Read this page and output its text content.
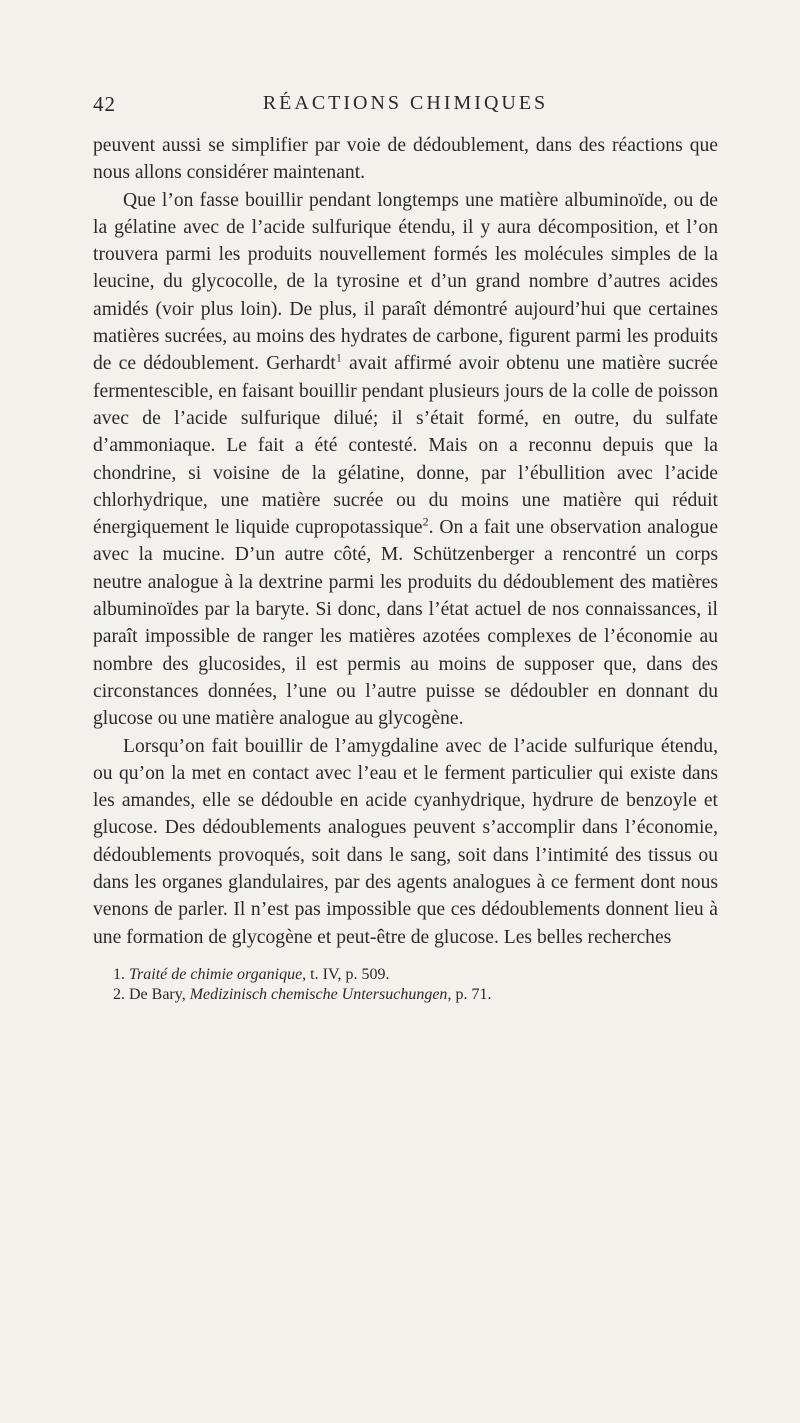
42	RÉACTIONS CHIMIQUES

peuvent aussi se simplifier par voie de dédoublement, dans des réactions que nous allons considérer maintenant.

Que l’on fasse bouillir pendant longtemps une matière albuminoïde, ou de la gélatine avec de l’acide sulfurique étendu, il y aura décomposition, et l’on trouvera parmi les produits nouvellement formés les molécules simples de la leucine, du glycocolle, de la tyrosine et d’un grand nombre d’autres acides amidés (voir plus loin). De plus, il paraît démontré aujourd’hui que certaines matières sucrées, au moins des hydrates de carbone, figurent parmi les produits de ce dédoublement. Gerhardt$^1$ avait affirmé avoir obtenu une matière sucrée fermentescible, en faisant bouillir pendant plusieurs jours de la colle de poisson avec de l’acide sulfurique dilué; il s’était formé, en outre, du sulfate d’ammoniaque. Le fait a été contesté. Mais on a reconnu depuis que la chondrine, si voisine de la gélatine, donne, par l’ébullition avec l’acide chlorhydrique, une matière sucrée ou du moins une matière qui réduit énergiquement le liquide cupropotassique$^2$. On a fait une observation analogue avec la mucine. D’un autre côté, M. Schützenberger a rencontré un corps neutre analogue à la dextrine parmi les produits du dédoublement des matières albuminoïdes par la baryte. Si donc, dans l’état actuel de nos connaissances, il paraît impossible de ranger les matières azotées complexes de l’économie au nombre des glucosides, il est permis au moins de supposer que, dans des circonstances données, l’une ou l’autre puisse se dédoubler en donnant du glucose ou une matière analogue au glycogène.

Lorsqu’on fait bouillir de l’amygdaline avec de l’acide sulfurique étendu, ou qu’on la met en contact avec l’eau et le ferment particulier qui existe dans les amandes, elle se dédouble en acide cyanhydrique, hydrure de benzoyle et glucose. Des dédoublements analogues peuvent s’accomplir dans l’économie, dédoublements provoqués, soit dans le sang, soit dans l’intimité des tissus ou dans les organes glandulaires, par des agents analogues à ce ferment dont nous venons de parler. Il n’est pas impossible que ces dédoublements donnent lieu à une formation de glycogène et peut-être de glucose. Les belles recherches

1. Traité de chimie organique, t. IV, p. 509.
2. De Bary, Medizinisch chemische Untersuchungen, p. 71.
